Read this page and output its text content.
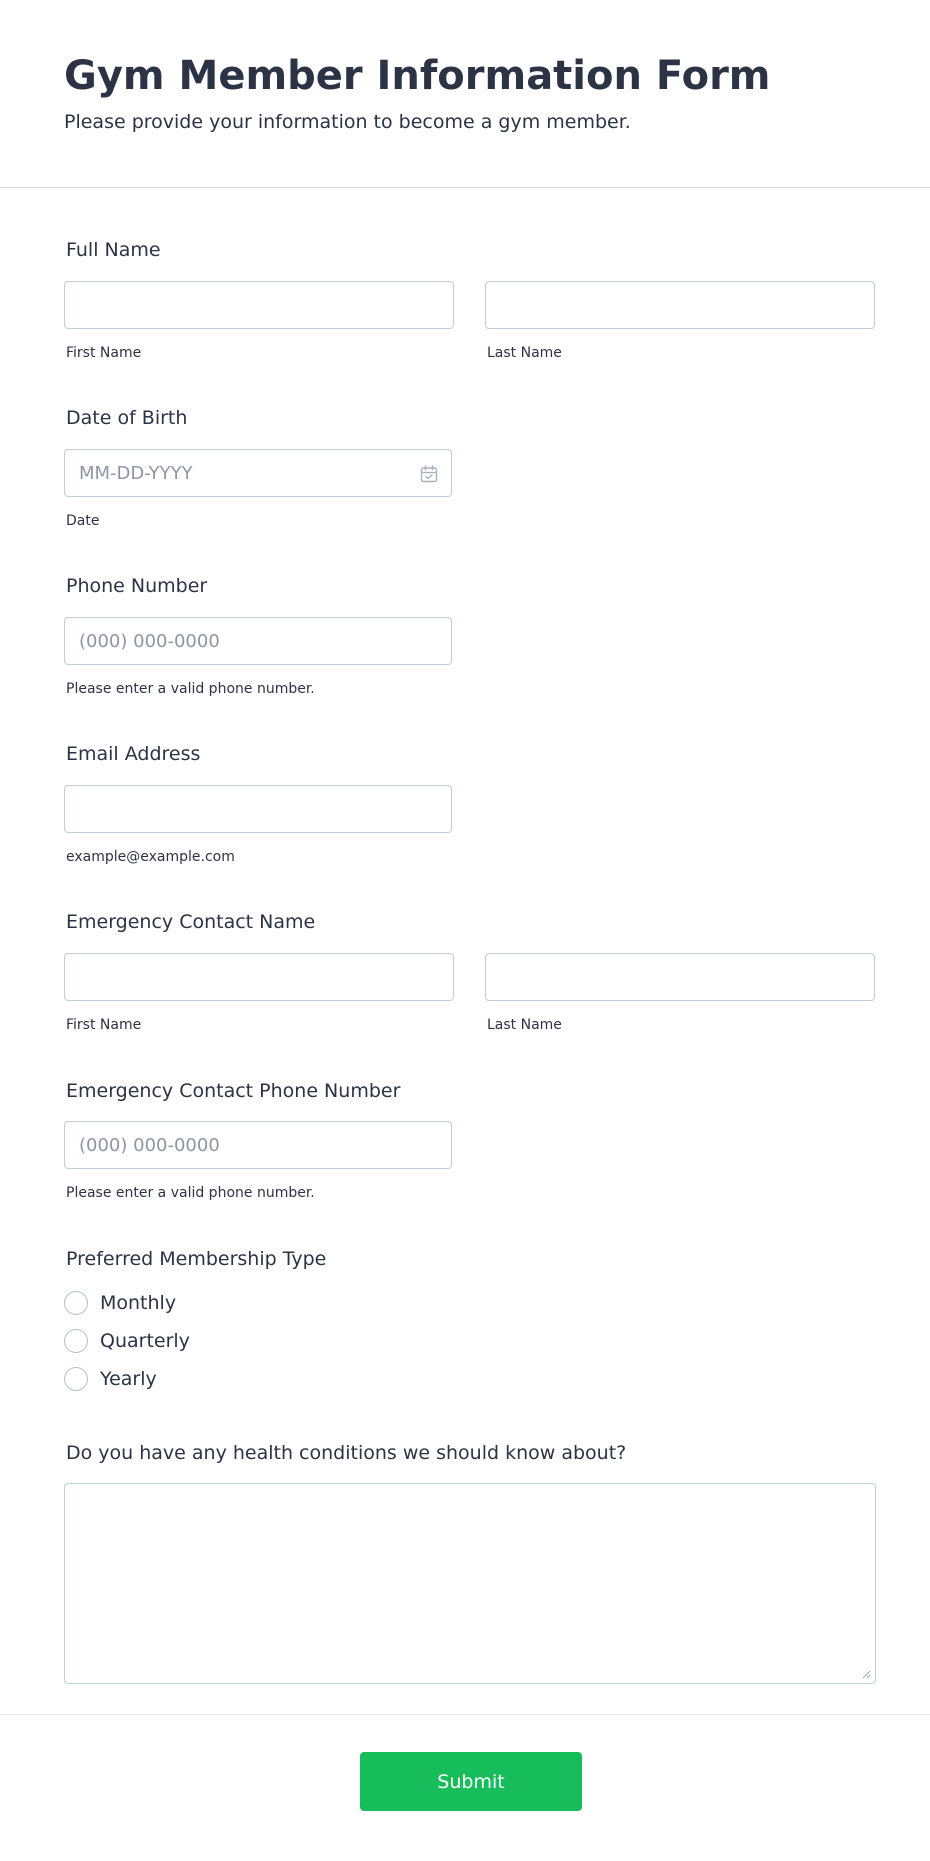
Gym Member Information Form

Please provide your information to become a gym member.

Full Name
First Name	Last Name
Date of Birth
MM-DD-YYYY
Date
Phone Number
(000) 000-0000
Please enter a valid phone number.
Email Address
example@example.com
Emergency Contact Name
First Name	Last Name
Emergency Contact Phone Number
(000) 000-0000
Please enter a valid phone number.
Preferred Membership Type
Monthly
Quarterly
Yearly
Do you have any health conditions we should know about?
Submit
